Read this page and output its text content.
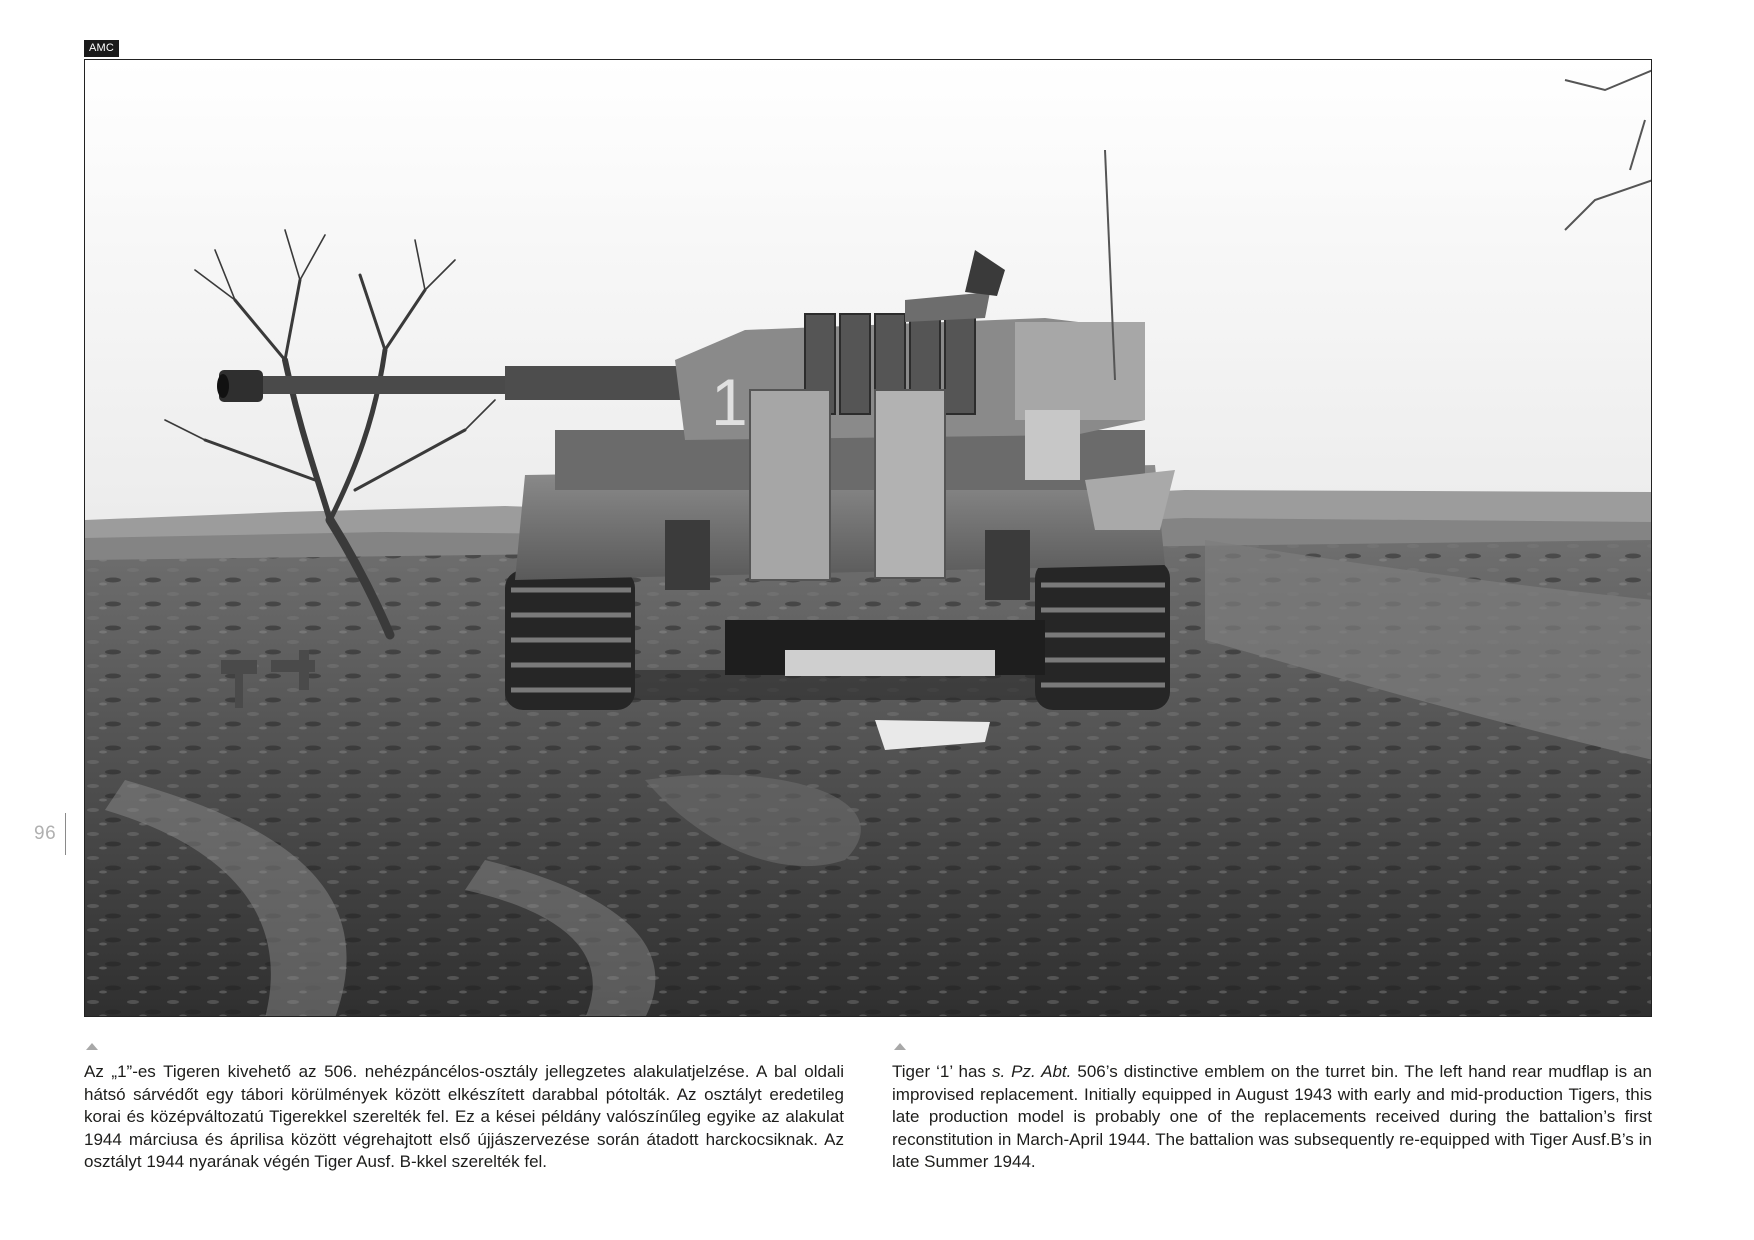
AMC
1
96

Az „1”-es Tigeren kivehető az 506. nehézpáncélos-osztály jellegzetes alakulatjelzése. A bal oldali hátsó sárvédőt egy tábori körülmények között elkészített darabbal pótolták. Az osztályt eredetileg korai és középváltozatú Tigerekkel szerelték fel. Ez a kései példány valószínűleg egyike az alakulat 1944 márciusa és áprilisa között végrehajtott első újjászervezése során átadott harckocsiknak. Az osztályt 1944 nyarának végén Tiger Ausf. B-kkel szerelték fel.

Tiger ‘1’ has s. Pz. Abt. 506’s distinctive emblem on the turret bin. The left hand rear mudflap is an improvised replacement. Initially equipped in August 1943 with early and mid-production Tigers, this late production model is probably one of the replacements received during the battalion’s first reconstitution in March-April 1944. The battalion was subsequently re-equipped with Tiger Ausf.B’s in late Summer 1944.
